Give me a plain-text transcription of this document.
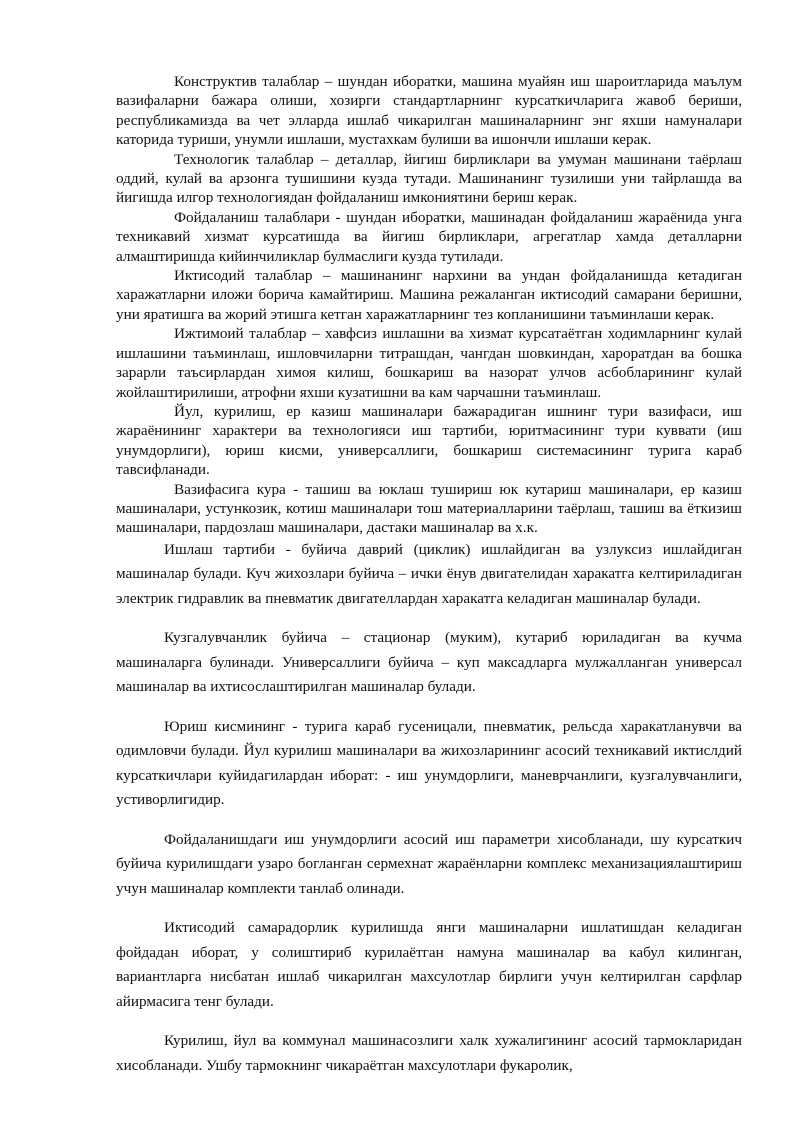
Конструктив талаблар – шундан иборатки, машина муайян иш шароитларида маълум вазифаларни бажара олиши, хозирги стандартларнинг курсаткичларига жавоб бериши, республикамизда ва чет элларда ишлаб чикарилган машиналарнинг энг яхши намуналари каторида туриши, унумли ишлаши, мустахкам булиши ва ишончли ишлаши керак.

Технологик талаблар – деталлар, йигиш бирликлари ва умуман машинани таёрлаш оддий, кулай ва арзонга тушишини кузда тутади. Машинанинг тузилиши уни тайрлашда ва йигишда илгор технологиядан фойдаланиш имкониятини бериш керак.

Фойдаланиш талаблари - шундан иборатки, машинадан фойдаланиш жараёнида унга техникавий хизмат курсатишда ва йигиш бирликлари, агрегатлар хамда деталларни алмаштиришда кийинчиликлар булмаслиги кузда тутилади.

Иктисодий талаблар – машинанинг нархини ва ундан фойдаланишда кетадиган харажатларни иложи борича камайтириш. Машина режаланган иктисодий самарани беришни, уни яратишга ва жорий этишга кетган харажатларнинг тез копланишини таъминлаши керак.

Ижтимоий талаблар – хавфсиз ишлашни ва хизмат курсатаётган ходимларнинг кулай ишлашини таъминлаш, ишловчиларни титрашдан, чангдан шовкиндан, хароратдан ва бошка зарарли таъсирлардан химоя килиш, бошкариш ва назорат улчов асбобларининг кулай жойлаштирилиши, атрофни яхши кузатишни ва кам чарчашни таъминлаш.

Йул, курилиш, ер казиш машиналари бажарадиган ишнинг тури вазифаси, иш жараёнининг характери ва технологияси иш тартиби, юритмасининг тури куввати (иш унумдорлиги), юриш кисми, универсаллиги, бошкариш системасининг турига караб тавсифланади.

Вазифасига кура - ташиш ва юклаш тушириш юк кутариш машиналари, ер казиш машиналари, устункозик, котиш машиналари тош материалларини таёрлаш, ташиш ва ёткизиш машиналари, пардозлаш машиналари, дастаки машиналар ва х.к.

Ишлаш тартиби - буйича даврий (циклик) ишлайдиган ва узлуксиз ишлайдиган машиналар булади. Куч жихозлари буйича – ички ёнув двигателидан харакатга келтириладиган электрик гидравлик ва пневматик двигателлардан харакатга келадиган машиналар булади.

Кузгалувчанлик буйича – стационар (муким), кутариб юриладиган ва кучма машиналарга булинади. Универсаллиги буйича – куп максадларга мулжалланган универсал машиналар ва ихтисослаштирилган машиналар булади.

Юриш кисмининг - турига караб гусеницали, пневматик, рельсда харакатланувчи ва одимловчи булади. Йул курилиш машиналари ва жихозларининг асосий техникавий иктислдий курсаткичлари куйидагилардан иборат: - иш унумдорлиги, маневрчанлиги, кузгалувчанлиги, устиворлигидир.

Фойдаланишдаги иш унумдорлиги асосий иш параметри хисобланади, шу курсаткич буйича курилишдаги узаро богланган сермехнат жараёнларни комплекс механизациялаштириш учун машиналар комплекти танлаб олинади.

Иктисодий самарадорлик курилишда янги машиналарни ишлатишдан келадиган фойдадан иборат, у солиштириб курилаётган намуна машиналар ва кабул килинган, вариантларга нисбатан ишлаб чикарилган махсулотлар бирлиги учун келтирилган сарфлар айирмасига тенг булади.

Курилиш, йул ва коммунал машинасозлиги халк хужалигининг асосий тармокларидан хисобланади. Ушбу тармокнинг чикараётган махсулотлари фукаролик,
